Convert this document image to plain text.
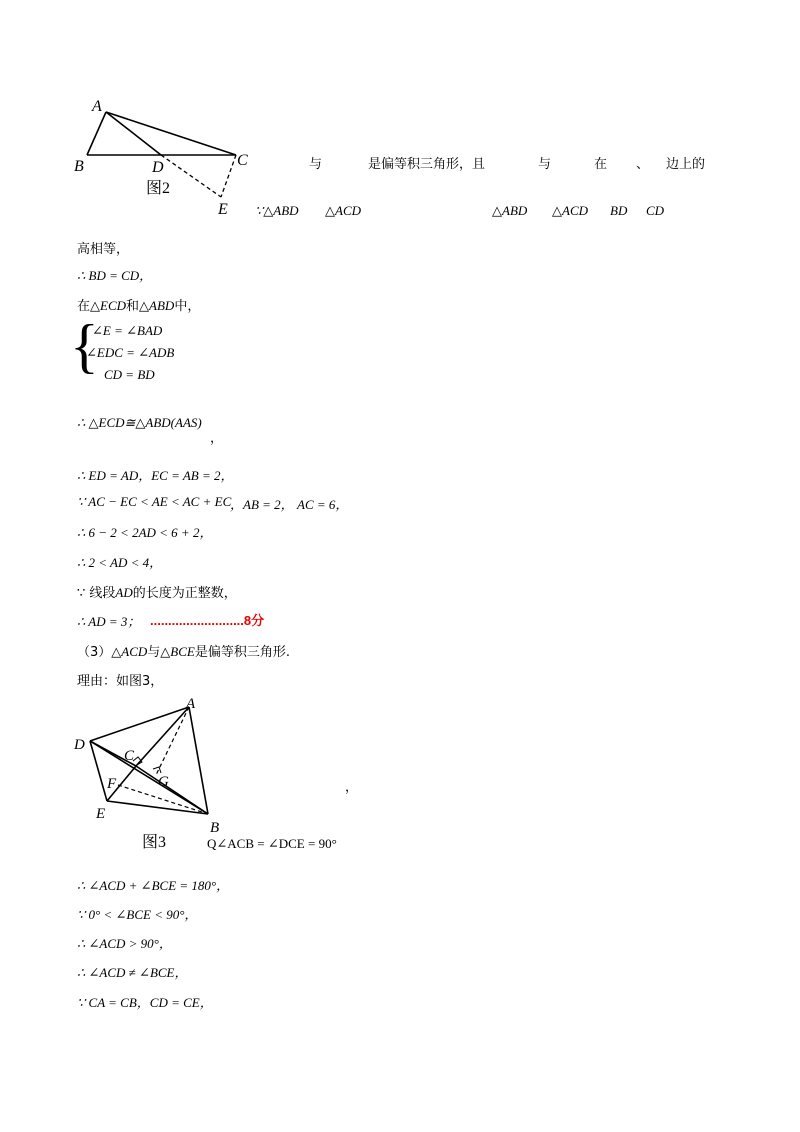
A
B	D	C
E
图2
与	是偏等积三角形，且	与	在 、 边上的
∵△ABD △ACD	△ABD △ACD BD CD
高相等，
∴ BD = CD，
在△ECD和△ABD中，
{
∠E = ∠BAD
∠EDC = ∠ADB
CD = BD
∴ △ECD≅△ABD(AAS)
，
∴ ED = AD，EC = AB = 2，
∵ AC − EC < AE < AC + EC
，AB = 2， AC = 6，
∴ 6 − 2 < 2AD < 6 + 2，
∴ 2 < AD < 4，
∵ 线段AD的长度为正整数，
∴ AD = 3； ..........................8分
（3）△ACD与△BCE是偏等积三角形.
理由：如图3，
A
D
C
G
F
E
B
图3
，
Q∠ACB = ∠DCE = 90°
∴ ∠ACD + ∠BCE = 180°，
∵ 0° < ∠BCE < 90°，
∴ ∠ACD > 90°，
∴ ∠ACD ≠ ∠BCE，
∵ CA = CB，CD = CE，
